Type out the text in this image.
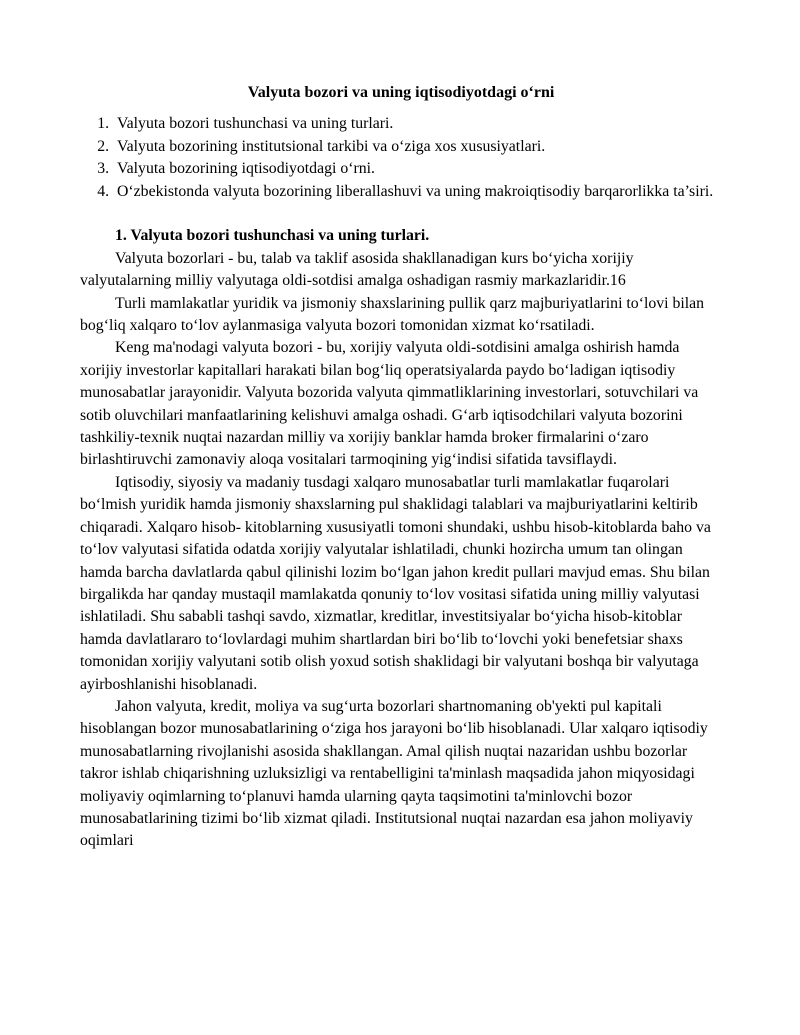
Valyuta bozori va uning iqtisodiyotdagi oʻrni
1. Valyuta bozori tushunchasi va uning turlari.
2. Valyuta bozorining institutsional tarkibi va oʻziga xos xususiyatlari.
3. Valyuta bozorining iqtisodiyotdagi oʻrni.
4. Oʻzbekistonda valyuta bozorining liberallashuvi va uning makroiqtisodiy barqarorlikka ta’siri.
1. Valyuta bozori tushunchasi va uning turlari.

Valyuta bozorlari - bu, talab va taklif asosida shakllanadigan kurs boʻyicha xorijiy valyutalarning milliy valyutaga oldi-sotdisi amalga oshadigan rasmiy markazlaridir.16

Turli mamlakatlar yuridik va jismoniy shaxslarining pullik qarz majburiyatlarini toʻlovi bilan bogʻliq xalqaro toʻlov aylanmasiga valyuta bozori tomonidan xizmat koʻrsatiladi.

Keng ma'nodagi valyuta bozori - bu, xorijiy valyuta oldi-sotdisini amalga oshirish hamda xorijiy investorlar kapitallari harakati bilan bogʻliq operatsiyalarda paydo boʻladigan iqtisodiy munosabatlar jarayonidir. Valyuta bozorida valyuta qimmatliklarining investorlari, sotuvchilari va sotib oluvchilari manfaatlarining kelishuvi amalga oshadi. Gʻarb iqtisodchilari valyuta bozorini tashkiliy-texnik nuqtai nazardan milliy va xorijiy banklar hamda broker firmalarini oʻzaro birlashtiruvchi zamonaviy aloqa vositalari tarmoqining yigʻindisi sifatida tavsiflaydi.

Iqtisodiy, siyosiy va madaniy tusdagi xalqaro munosabatlar turli mamlakatlar fuqarolari boʻlmish yuridik hamda jismoniy shaxslarning pul shaklidagi talablari va majburiyatlarini keltirib chiqaradi. Xalqaro hisob- kitoblarning xususiyatli tomoni shundaki, ushbu hisob-kitoblarda baho va toʻlov valyutasi sifatida odatda xorijiy valyutalar ishlatiladi, chunki hozircha umum tan olingan hamda barcha davlatlarda qabul qilinishi lozim boʻlgan jahon kredit pullari mavjud emas. Shu bilan birgalikda har qanday mustaqil mamlakatda qonuniy toʻlov vositasi sifatida uning milliy valyutasi ishlatiladi. Shu sababli tashqi savdo, xizmatlar, kreditlar, investitsiyalar boʻyicha hisob-kitoblar hamda davlatlararo toʻlovlardagi muhim shartlardan biri boʻlib toʻlovchi yoki benefetsiar shaxs tomonidan xorijiy valyutani sotib olish yoxud sotish shaklidagi bir valyutani boshqa bir valyutaga ayirboshlanishi hisoblanadi.

Jahon valyuta, kredit, moliya va sugʻurta bozorlari shartnomaning ob'yekti pul kapitali hisoblangan bozor munosabatlarining oʻziga hos jarayoni boʻlib hisoblanadi. Ular xalqaro iqtisodiy munosabatlarning rivojlanishi asosida shakllangan. Amal qilish nuqtai nazaridan ushbu bozorlar takror ishlab chiqarishning uzluksizligi va rentabelligini ta'minlash maqsadida jahon miqyosidagi moliyaviy oqimlarning toʻplanuvi hamda ularning qayta taqsimotini ta'minlovchi bozor munosabatlarining tizimi boʻlib xizmat qiladi. Institutsional nuqtai nazardan esa jahon moliyaviy oqimlari
